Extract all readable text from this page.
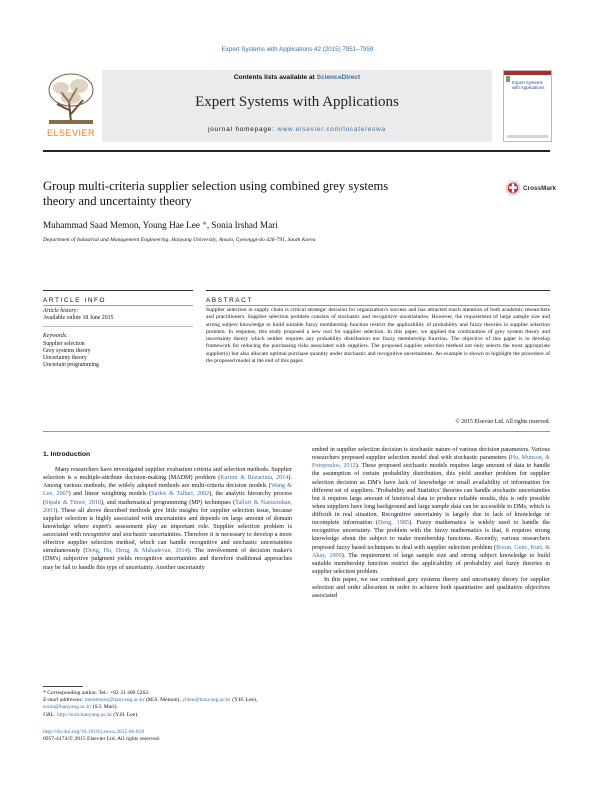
Expert Systems with Applications 42 (2015) 7951–7959
ELSEVIER
Contents lists available at ScienceDirect
Expert Systems with Applications
journal homepage: www.elsevier.com/locate/eswa
Expert Systems with Applications
Group multi-criteria supplier selection using combined grey systems
theory and uncertainty theory
CrossMark
Muhammad Saad Memon, Young Hae Lee *, Sonia Irshad Mari
Department of Industrial and Management Engineering, Hanyang University, Ansan, Gyeonggi-do 426-791, South Korea
ARTICLE INFO	ABSTRACT
Article history:
Available online 18 June 2015
Keywords:
Supplier selection
Grey systems theory
Uncertainty theory
Uncertain programming
Supplier selection in supply chain is critical strategic decision for organization's success and has attracted much attention of both academic researchers and practitioners. Supplier selection problem consists of stochastic and recognitive uncertainties. However, the requirement of large sample size and strong subject knowledge to build suitable fuzzy membership function restrict the applicability of probability and fuzzy theories in supplier selection problem. In response, this study proposed a new tool for supplier selection. In this paper, we applied the combination of grey system theory and uncertainty theory which neither requires any probability distribution nor fuzzy membership function. The objective of this paper is to develop framework for reducing the purchasing risks associated with suppliers. The proposed supplier selection method not only selects the most appropriate supplier(s) but also allocate optimal purchase quantity under stochastic and recognitive uncertainties. An example is shown to highlight the procedure of the proposed model at the end of this paper.
© 2015 Elsevier Ltd. All rights reserved.
1. Introduction

Many researchers have investigated supplier evaluation criteria and selection methods. Supplier selection is a multiple-attribute decision-making (MADM) problem (Karimi & Rezaeinia, 2014). Among various methods, the widely adopted methods are multi-criteria decision models (Wang & Lee, 2007) and linear weighting models (Sarkis & Talluri, 2002), the analytic hierarchy process (Sipahi & Timor, 2010), and mathematical programming (MP) techniques (Talluri & Narasimhan, 2003). These all above described methods give little insights for supplier selection issue, because supplier selection is highly associated with uncertainties and depends on large amount of domain knowledge where expert's assessment play an important role. Supplier selection problem is associated with recognitive and stochastic uncertainties. Therefore it is necessary to develop a more effective supplier selection method, which can handle recognitive and stochastic uncertainties simultaneously (Deng, Hu, Deng, & Mahadevan, 2014). The involvement of decision maker's (DM's) subjective judgment yields recognitive uncertainties and therefore traditional approaches may be fail to handle this type of uncertainty. Another uncertainty

embed in supplier selection decision is stochastic nature of various decision parameters. Various researchers proposed supplier selection model deal with stochastic parameters (Hu, Munson, & Fotopoulos, 2012). These proposed stochastic models requires large amount of data to handle the assumption of certain probability distribution, this yield another problem for supplier selection decision as DM's have lack of knowledge or small availability of information for different set of suppliers. 'Probability and Statistics' theories can handle stochastic uncertainties but it requires large amount of historical data to produce reliable results, this is only possible when suppliers have long background and large sample data can be accessible to DMs, which is difficult in real situation. Recognitive uncertainty is largely due to lack of knowledge or incomplete information (Deng, 1985). Fuzzy mathematics is widely used to handle the recognitive uncertainty. The problem with the fuzzy mathematics is that, it requires strong knowledge about the subject to make membership functions. Recently, various researchers proposed fuzzy based techniques to deal with supplier selection problem (Boran, Genc, Kurt, & Akay, 2009). The requirement of large sample size and strong subject knowledge to build suitable membership function restrict the applicability of probability and fuzzy theories in supplier selection problem.

In this paper, we use combined grey systems theory and uncertainty theory for supplier selection and order allocation in order to achieve both quantitative and qualitative objectives associated

* Corresponding author. Tel.: +82 31 400 5262.
E-mail addresses: msmemon@hanyang.ac.kr (M.S. Memon), yhlee@hanyang.ac.kr (Y.H. Lee), sonia@hanyang.ac.kr (S.I. Mari).
URL: http://scm.hanyang.ac.kr (Y.H. Lee).
http://dx.doi.org/10.1016/j.eswa.2015.06.018
0957-4174/© 2015 Elsevier Ltd. All rights reserved.
